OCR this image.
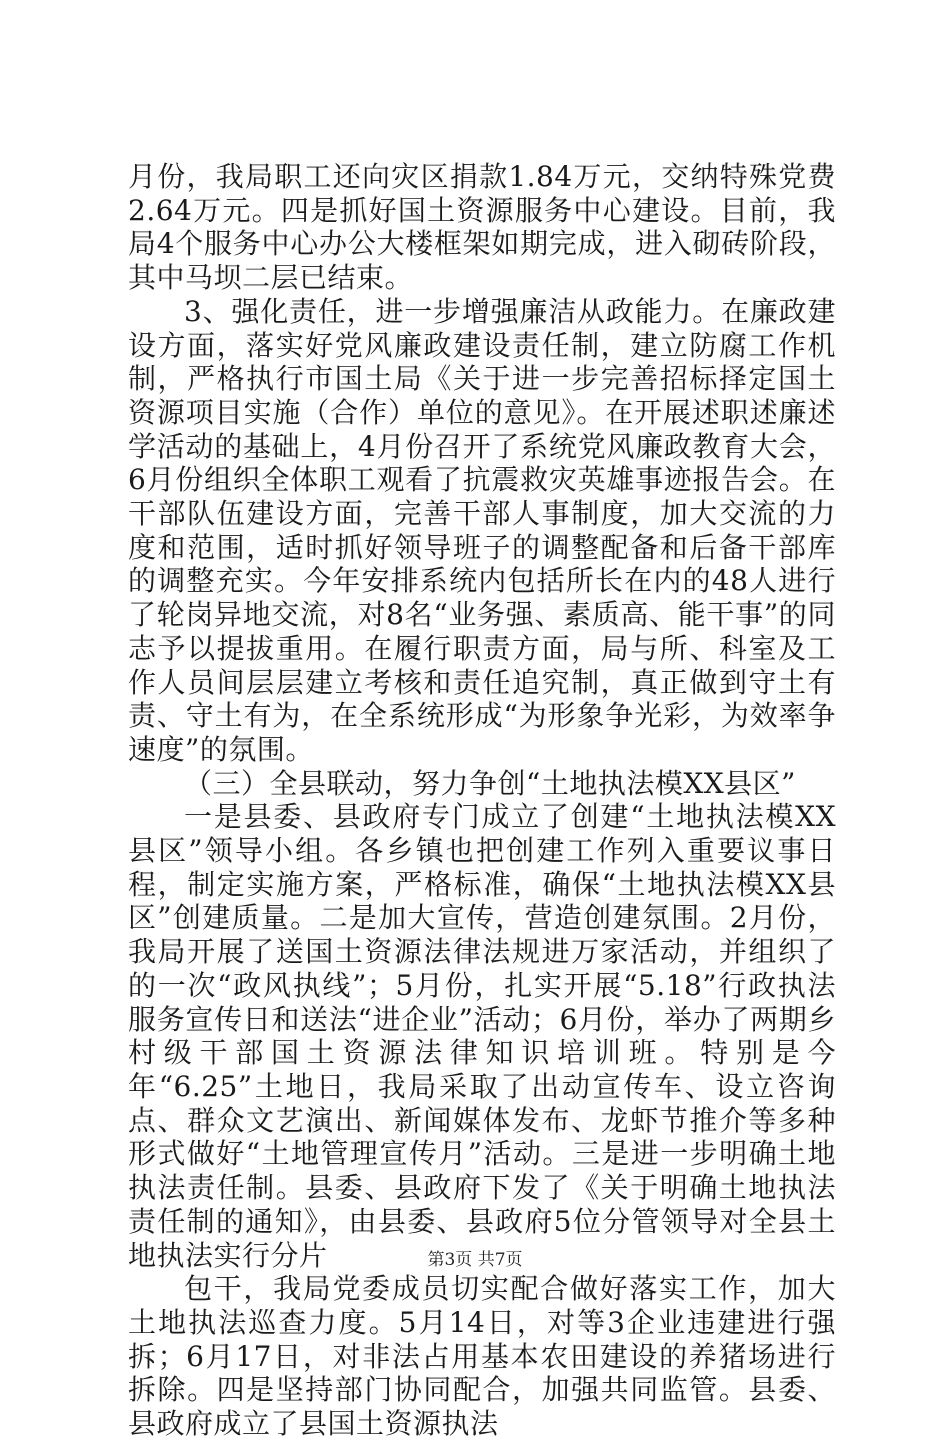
月份，我局职工还向灾区捐款1.84万元，交纳特殊党费2.64万元。四是抓好国土资源服务中心建设。目前，我局4个服务中心办公大楼框架如期完成，进入砌砖阶段，其中马坝二层已结束。

3、强化责任，进一步增强廉洁从政能力。在廉政建设方面，落实好党风廉政建设责任制，建立防腐工作机制，严格执行市国土局《关于进一步完善招标择定国土资源项目实施（合作）单位的意见》。在开展述职述廉述学活动的基础上，4月份召开了系统党风廉政教育大会，6月份组织全体职工观看了抗震救灾英雄事迹报告会。在干部队伍建设方面，完善干部人事制度，加大交流的力度和范围，适时抓好领导班子的调整配备和后备干部库的调整充实。今年安排系统内包括所长在内的48人进行了轮岗异地交流，对8名“业务强、素质高、能干事”的同志予以提拔重用。在履行职责方面，局与所、科室及工作人员间层层建立考核和责任追究制，真正做到守土有责、守土有为，在全系统形成“为形象争光彩，为效率争速度”的氛围。

（三）全县联动，努力争创“土地执法模XX县区”

一是县委、县政府专门成立了创建“土地执法模XX县区”领导小组。各乡镇也把创建工作列入重要议事日程，制定实施方案，严格标准，确保“土地执法模XX县区”创建质量。二是加大宣传，营造创建氛围。2月份，我局开展了送国土资源法律法规进万家活动，并组织了的一次“政风执线”；5月份，扎实开展“5.18”行政执法服务宣传日和送法“进企业”活动；6月份，举办了两期乡村级干部国土资源法律知识培训班。特别是今年“6.25”土地日，我局采取了出动宣传车、设立咨询点、群众文艺演出、新闻媒体发布、龙虾节推介等多种形式做好“土地管理宣传月”活动。三是进一步明确土地执法责任制。县委、县政府下发了《关于明确土地执法责任制的通知》，由县委、县政府5位分管领导对全县土地执法实行分片

包干，我局党委成员切实配合做好落实工作，加大土地执法巡查力度。5月14日，对等3企业违建进行强拆；6月17日，对非法占用基本农田建设的养猪场进行拆除。四是坚持部门协同配合，加强共同监管。县委、县政府成立了县国土资源执法

第3页 共7页
